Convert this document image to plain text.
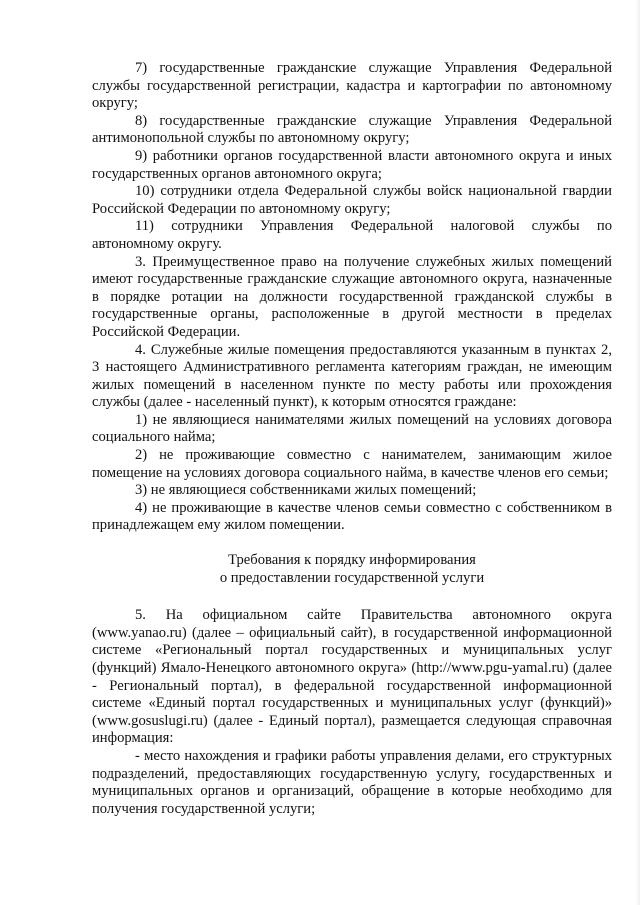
7) государственные гражданские служащие Управления Федеральной службы государственной регистрации, кадастра и картографии по автономному округу;

8) государственные гражданские служащие Управления Федеральной антимонопольной службы по автономному округу;

9) работники органов государственной власти автономного округа и иных государственных органов автономного округа;

10) сотрудники отдела Федеральной службы войск национальной гвардии Российской Федерации по автономному округу;

11) сотрудники Управления Федеральной налоговой службы по автономному округу.

3. Преимущественное право на получение служебных жилых помещений имеют государственные гражданские служащие автономного округа, назначенные в порядке ротации на должности государственной гражданской службы в государственные органы, расположенные в другой местности в пределах Российской Федерации.

4. Служебные жилые помещения предоставляются указанным в пунктах 2, 3 настоящего Административного регламента категориям граждан, не имеющим жилых помещений в населенном пункте по месту работы или прохождения службы (далее - населенный пункт), к которым относятся граждане:

1) не являющиеся нанимателями жилых помещений на условиях договора социального найма;

2) не проживающие совместно с нанимателем, занимающим жилое помещение на условиях договора социального найма, в качестве членов его семьи;

3) не являющиеся собственниками жилых помещений;

4) не проживающие в качестве членов семьи совместно с собственником в принадлежащем ему жилом помещении.

Требования к порядку информирования
о предоставлении государственной услуги

5. На официальном сайте Правительства автономного округа (www.yanao.ru) (далее – официальный сайт), в государственной информационной системе «Региональный портал государственных и муниципальных услуг (функций) Ямало-Ненецкого автономного округа» (http://www.pgu-yamal.ru) (далее - Региональный портал), в федеральной государственной информационной системе «Единый портал государственных и муниципальных услуг (функций)» (www.gosuslugi.ru) (далее - Единый портал), размещается следующая справочная информация:

- место нахождения и графики работы управления делами, его структурных подразделений, предоставляющих государственную услугу, государственных и муниципальных органов и организаций, обращение в которые необходимо для получения государственной услуги;
